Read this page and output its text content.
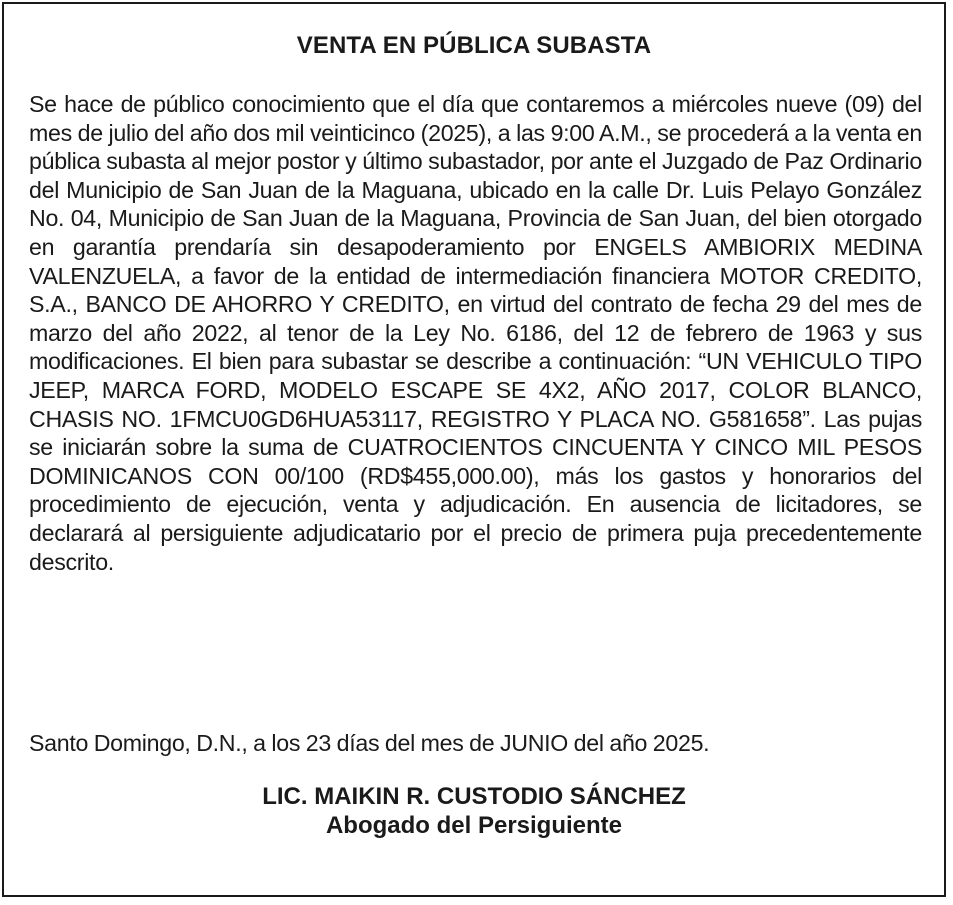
VENTA EN PÚBLICA SUBASTA

Se hace de público conocimiento que el día que contaremos a miércoles nueve (09) del mes de julio del año dos mil veinticinco (2025), a las 9:00 A.M., se procederá a la venta en pública subasta al mejor postor y último subastador, por ante el Juzgado de Paz Ordinario del Municipio de San Juan de la Maguana, ubicado en la calle Dr. Luis Pelayo González No. 04, Municipio de San Juan de la Maguana, Provincia de San Juan, del bien otorgado en garantía prendaría sin desapoderamiento por ENGELS AMBIORIX MEDINA VALENZUELA, a favor de la entidad de intermediación financiera MOTOR CREDITO, S.A., BANCO DE AHORRO Y CREDITO, en virtud del contrato de fecha 29 del mes de marzo del año 2022, al tenor de la Ley No. 6186, del 12 de febrero de 1963 y sus modificaciones. El bien para subastar se describe a continuación: “UN VEHICULO TIPO JEEP, MARCA FORD, MODELO ESCAPE SE 4X2, AÑO 2017, COLOR BLANCO, CHASIS NO. 1FMCU0GD6HUA53117, REGISTRO Y PLACA NO. G581658”. Las pujas se iniciarán sobre la suma de CUATROCIENTOS CINCUENTA Y CINCO MIL PESOS DOMINICANOS CON 00/100 (RD$455,000.00), más los gastos y honorarios del procedimiento de ejecución, venta y adjudicación. En ausencia de licitadores, se declarará al persiguiente adjudicatario por el precio de primera puja precedentemente descrito.

Santo Domingo, D.N., a los 23 días del mes de JUNIO del año 2025.

LIC. MAIKIN R. CUSTODIO SÁNCHEZ
Abogado del Persiguiente
